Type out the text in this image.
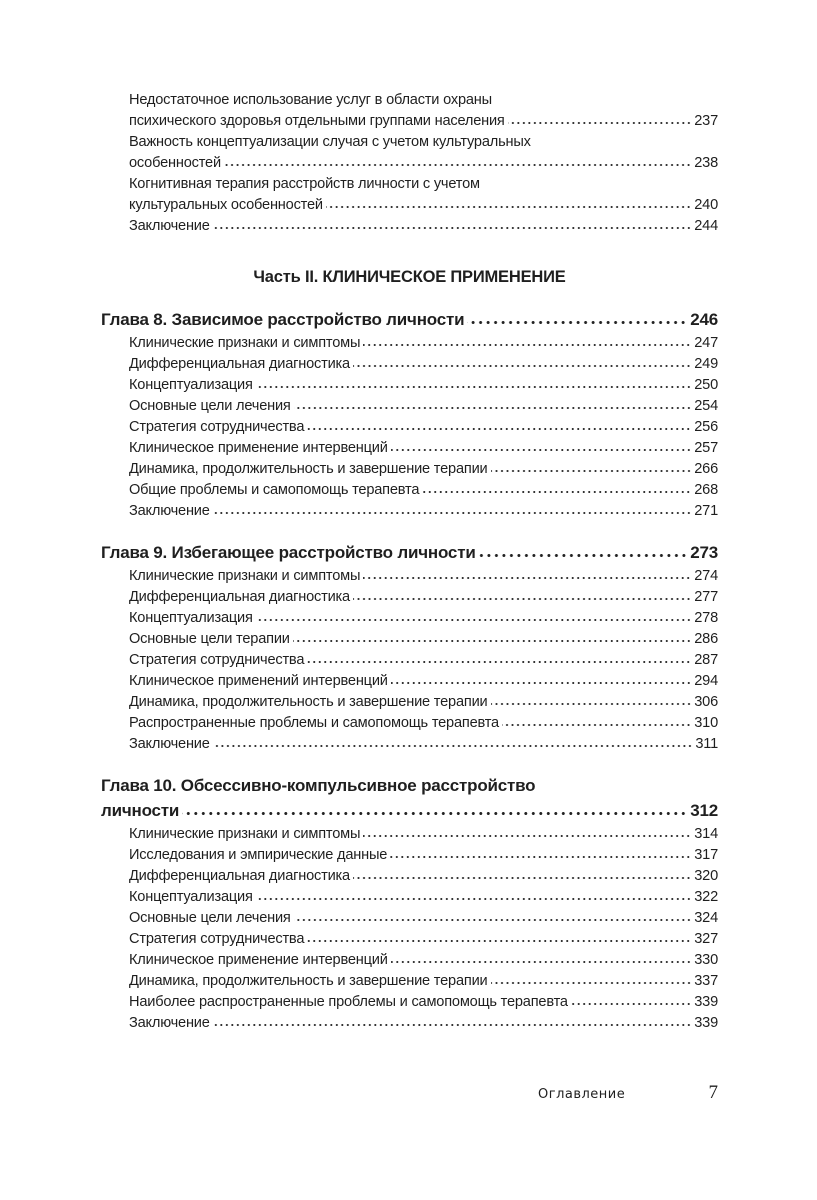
Недостаточное использование услуг в области охраны
психического здоровья отдельными группами населения	237
Важность концептуализации случая с учетом культуральных
особенностей	238
Когнитивная терапия расстройств личности с учетом
культуральных особенностей	240
Заключение	244
Часть II. КЛИНИЧЕСКОЕ ПРИМЕНЕНИЕ
Глава 8. Зависимое расстройство личности	246
Клинические признаки и симптомы	247
Дифференциальная диагностика	249
Концептуализация	250
Основные цели лечения	254
Стратегия сотрудничества	256
Клиническое применение интервенций	257
Динамика, продолжительность и завершение терапии	266
Общие проблемы и самопомощь терапевта	268
Заключение	271
Глава 9. Избегающее расстройство личности	273
Клинические признаки и симптомы	274
Дифференциальная диагностика	277
Концептуализация	278
Основные цели терапии	286
Стратегия сотрудничества	287
Клиническое применений интервенций	294
Динамика, продолжительность и завершение терапии	306
Распространенные проблемы и самопомощь терапевта	310
Заключение	311
Глава 10. Обсессивно-компульсивное расстройство
личности	312
Клинические признаки и симптомы	314
Исследования и эмпирические данные	317
Дифференциальная диагностика	320
Концептуализация	322
Основные цели лечения	324
Стратегия сотрудничества	327
Клиническое применение интервенций	330
Динамика, продолжительность и завершение терапии	337
Наиболее распространенные проблемы и самопомощь терапевта	339
Заключение	339
Оглавление	7
